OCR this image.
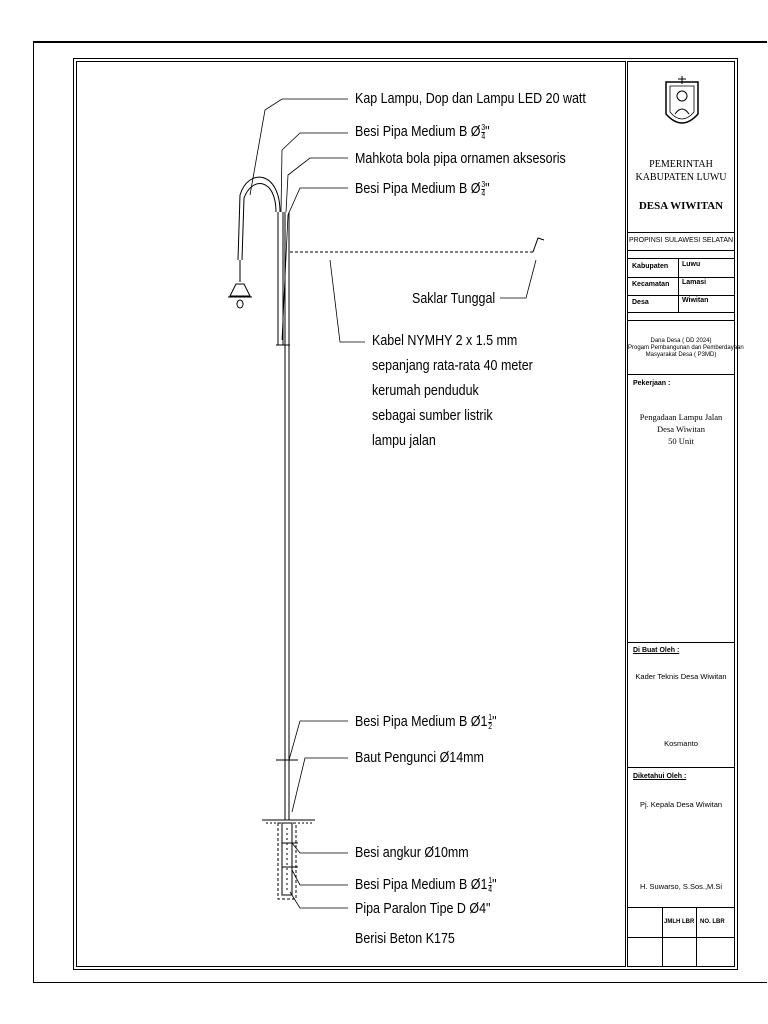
Kap Lampu, Dop dan Lampu LED 20 watt
Besi Pipa Medium B Ø $\frac{3}{4}$ "
Mahkota bola pipa ornamen aksesoris
Besi Pipa Medium B Ø $\frac{3}{4}$ "
Saklar Tunggal
Kabel NYMHY 2 x 1.5 mm
sepanjang rata-rata 40 meter
kerumah penduduk
sebagai sumber listrik
lampu jalan
Besi Pipa Medium B Ø1 $\frac{1}{2}$ "
Baut Pengunci Ø14mm
Besi angkur Ø10mm
Besi Pipa Medium B Ø1 $\frac{1}{4}$ "
Pipa Paralon Tipe D Ø4"
Berisi Beton K175
PEMERINTAH
KABUPATEN LUWU
DESA WIWITAN
PROPINSI SULAWESI SELATAN
Kabupaten Luwu
Kecamatan Lamasi
Desa	Wiwitan
Dana Desa ( DD 2024)
Progam Pembangunan dan Pemberdayaan
Masyarakat Desa ( P3MD)
Pekerjaan :
Pengadaan Lampu Jalan
Desa Wiwitan
50 Unit
Di Buat Oleh :
Kader Teknis Desa Wiwitan
Kosmanto
Diketahui Oleh :
Pj. Kepala Desa Wiwitan
H. Suwarso, S.Sos.,M.Si
JMLH LBR NO. LBR
